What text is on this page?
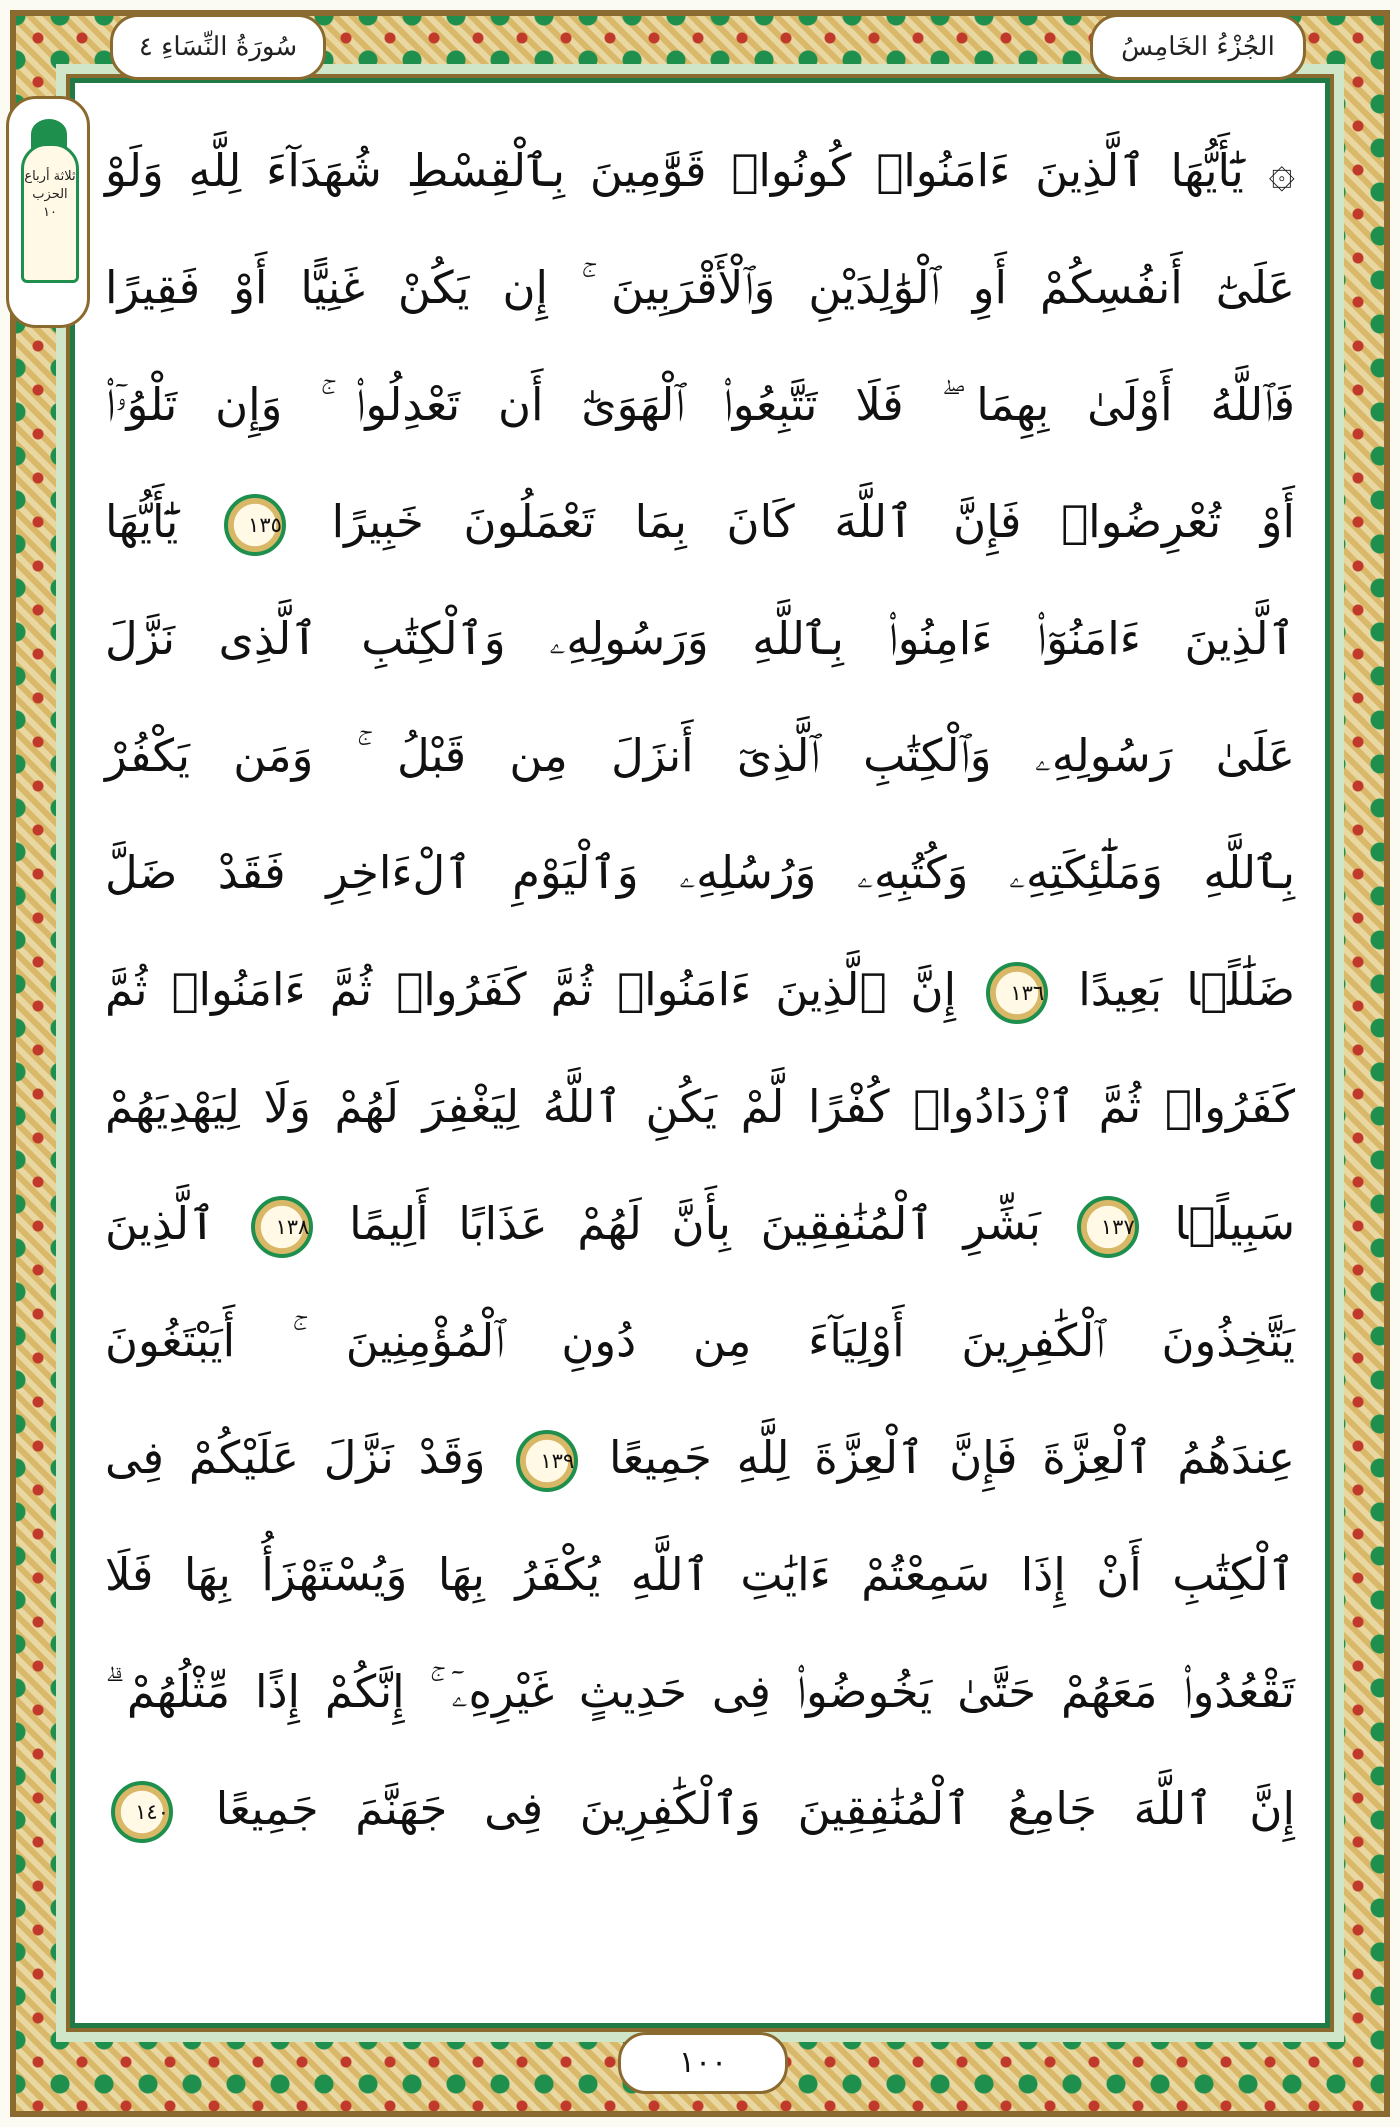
الجُزْءُ الخَامِسُ
سُورَةُ النِّسَاءِ ٤
ثلاثة أرباع الحزب ١٠
۞ يَٰٓأَيُّهَا ٱلَّذِينَ ءَامَنُوا۟ كُونُوا۟ قَوَّٰمِينَ بِٱلْقِسْطِ شُهَدَآءَ لِلَّهِ وَلَوْ
عَلَىٰٓ أَنفُسِكُمْ أَوِ ٱلْوَٰلِدَيْنِ وَٱلْأَقْرَبِينَ ۚ إِن يَكُنْ غَنِيًّا أَوْ فَقِيرًا
فَٱللَّهُ أَوْلَىٰ بِهِمَا ۖ فَلَا تَتَّبِعُوا۟ ٱلْهَوَىٰٓ أَن تَعْدِلُوا۟ ۚ وَإِن تَلْوُۥٓا۟
أَوْ تُعْرِضُوا۟ فَإِنَّ ٱللَّهَ كَانَ بِمَا تَعْمَلُونَ خَبِيرًا ١٣٥ يَٰٓأَيُّهَا
ٱلَّذِينَ ءَامَنُوٓا۟ ءَامِنُوا۟ بِٱللَّهِ وَرَسُولِهِۦ وَٱلْكِتَٰبِ ٱلَّذِى نَزَّلَ
عَلَىٰ رَسُولِهِۦ وَٱلْكِتَٰبِ ٱلَّذِىٓ أَنزَلَ مِن قَبْلُ ۚ وَمَن يَكْفُرْ
بِٱللَّهِ وَمَلَٰٓئِكَتِهِۦ وَكُتُبِهِۦ وَرُسُلِهِۦ وَٱلْيَوْمِ ٱلْءَاخِرِ فَقَدْ ضَلَّ
ضَلَٰلًۢا بَعِيدًا ١٣٦ إِنَّ ٱلَّذِينَ ءَامَنُوا۟ ثُمَّ كَفَرُوا۟ ثُمَّ ءَامَنُوا۟ ثُمَّ
كَفَرُوا۟ ثُمَّ ٱزْدَادُوا۟ كُفْرًا لَّمْ يَكُنِ ٱللَّهُ لِيَغْفِرَ لَهُمْ وَلَا لِيَهْدِيَهُمْ
سَبِيلًۢا ١٣٧ بَشِّرِ ٱلْمُنَٰفِقِينَ بِأَنَّ لَهُمْ عَذَابًا أَلِيمًا ١٣٨ ٱلَّذِينَ
يَتَّخِذُونَ ٱلْكَٰفِرِينَ أَوْلِيَآءَ مِن دُونِ ٱلْمُؤْمِنِينَ ۚ أَيَبْتَغُونَ
عِندَهُمُ ٱلْعِزَّةَ فَإِنَّ ٱلْعِزَّةَ لِلَّهِ جَمِيعًا ١٣٩ وَقَدْ نَزَّلَ عَلَيْكُمْ فِى
ٱلْكِتَٰبِ أَنْ إِذَا سَمِعْتُمْ ءَايَٰتِ ٱللَّهِ يُكْفَرُ بِهَا وَيُسْتَهْزَأُ بِهَا فَلَا
تَقْعُدُوا۟ مَعَهُمْ حَتَّىٰ يَخُوضُوا۟ فِى حَدِيثٍ غَيْرِهِۦٓ ۚ إِنَّكُمْ إِذًا مِّثْلُهُمْ ۗ
إِنَّ ٱللَّهَ جَامِعُ ٱلْمُنَٰفِقِينَ وَٱلْكَٰفِرِينَ فِى جَهَنَّمَ جَمِيعًا ١٤٠
١٠٠
